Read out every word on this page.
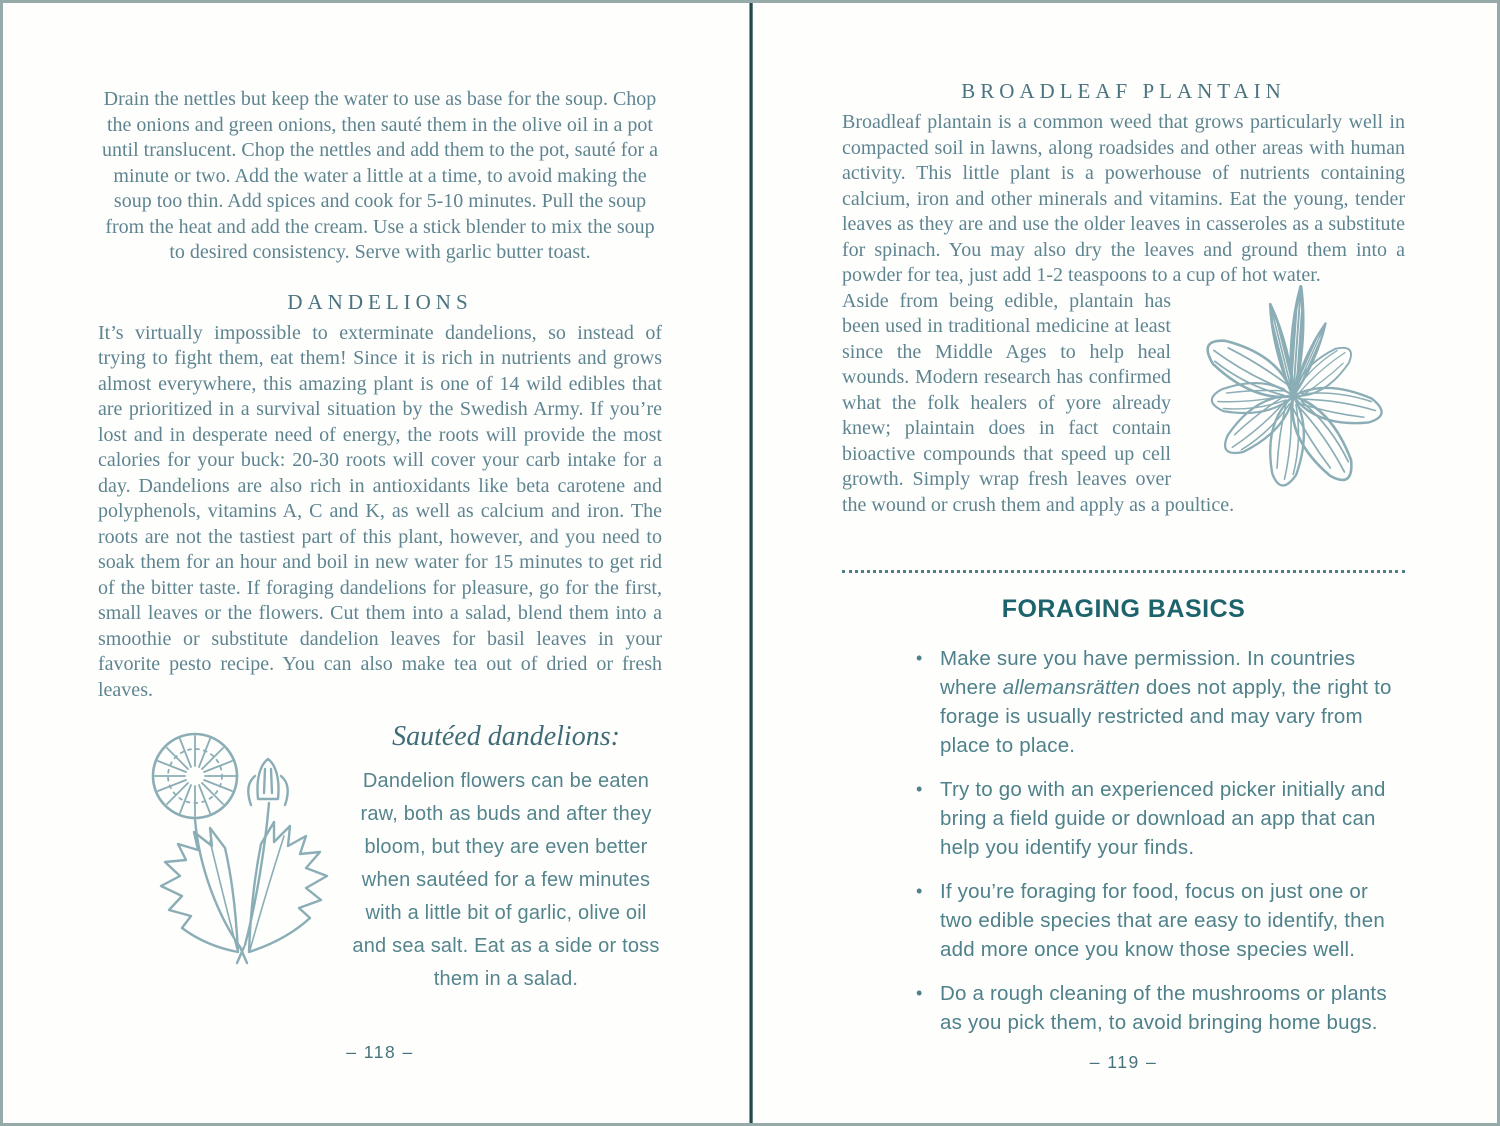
Drain the nettles but keep the water to use as base for the soup. Chop the onions and green onions, then sauté them in the olive oil in a pot until translucent. Chop the nettles and add them to the pot, sauté for a minute or two. Add the water a little at a time, to avoid making the soup too thin. Add spices and cook for 5-10 minutes. Pull the soup from the heat and add the cream. Use a stick blender to mix the soup to desired consistency. Serve with garlic butter toast.

DANDELIONS

It’s virtually impossible to exterminate dandelions, so instead of trying to fight them, eat them! Since it is rich in nutrients and grows almost everywhere, this amazing plant is one of 14 wild edibles that are prioritized in a survival situation by the Swedish Army. If you’re lost and in desperate need of energy, the roots will provide the most calories for your buck: 20-30 roots will cover your carb intake for a day. Dandelions are also rich in antioxidants like beta carotene and polyphenols, vitamins A, C and K, as well as calcium and iron. The roots are not the tastiest part of this plant, however, and you need to soak them for an hour and boil in new water for 15 minutes to get rid of the bitter taste. If foraging dandelions for pleasure, go for the first, small leaves or the flowers. Cut them into a salad, blend them into a smoothie or substitute dandelion leaves for basil leaves in your favorite pesto recipe. You can also make tea out of dried or fresh leaves.

Sautéed dandelions:

Dandelion flowers can be eaten raw, both as buds and after they bloom, but they are even better when sautéed for a few minutes with a little bit of garlic, olive oil and sea salt. Eat as a side or toss them in a salad.

– 118 –
BROADLEAF PLANTAIN

Broadleaf plantain is a common weed that grows particularly well in compacted soil in lawns, along roadsides and other areas with human activity. This little plant is a powerhouse of nutrients containing calcium, iron and other minerals and vitamins. Eat the young, tender leaves as they are and use the older leaves in casseroles as a substitute for spinach. You may also dry the leaves and ground them into a powder for tea, just add 1-2 teaspoons to a cup of hot water.

Aside from being edible, plantain has been used in traditional medicine at least since the Middle Ages to help heal wounds. Modern research has confirmed what the folk healers of yore already knew; plaintain does in fact contain bioactive compounds that speed up cell growth. Simply wrap fresh leaves over the wound or crush them and apply as a poultice.

FORAGING BASICS
• Make sure you have permission. In countries where allemansrätten does not apply, the right to forage is usually restricted and may vary from place to place.
• Try to go with an experienced picker initially and bring a field guide or download an app that can help you identify your finds.
• If you’re foraging for food, focus on just one or two edible species that are easy to identify, then add more once you know those species well.
• Do a rough cleaning of the mushrooms or plants as you pick them, to avoid bringing home bugs.
– 119 –
